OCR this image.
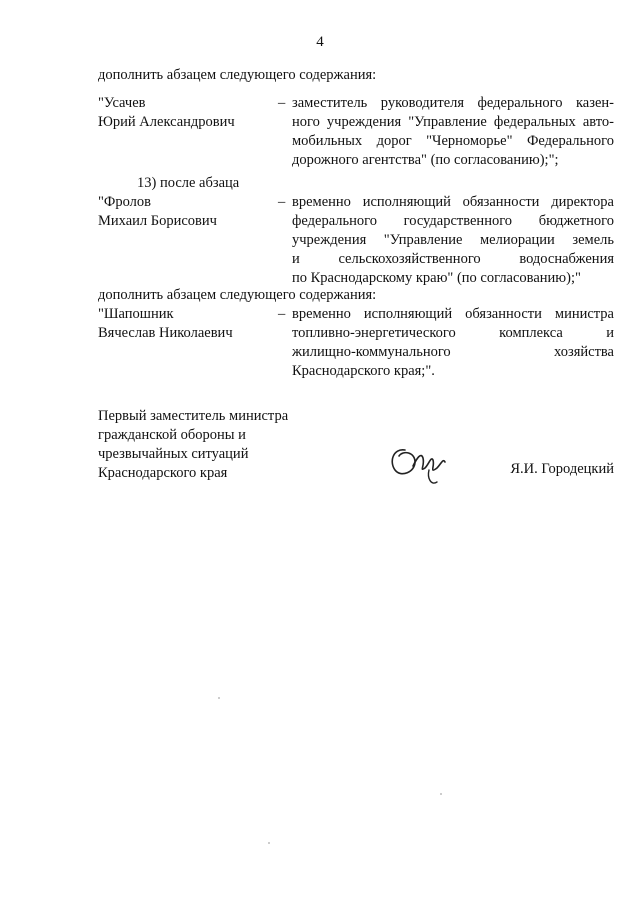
4
дополнить абзацем следующего содержания:
"Усачев
Юрий Александрович
– заместитель руководителя федерального казен-
ного учреждения "Управление федеральных авто-
мобильных дорог "Черноморье" Федерального
дорожного агентства" (по согласованию);";
13) после абзаца
"Фролов
Михаил Борисович
– временно исполняющий обязанности директора
федерального государственного бюджетного
учреждения "Управление мелиорации земель
и сельскохозяйственного водоснабжения
по Краснодарскому краю" (по согласованию);"
дополнить абзацем следующего содержания:
"Шапошник
Вячеслав Николаевич
– временно исполняющий обязанности министра
топливно-энергетического комплекса и
жилищно-коммунального хозяйства
Краснодарского края;".
Первый заместитель министра
гражданской обороны и
чрезвычайных ситуаций
Краснодарского края	Я.И. Городецкий
